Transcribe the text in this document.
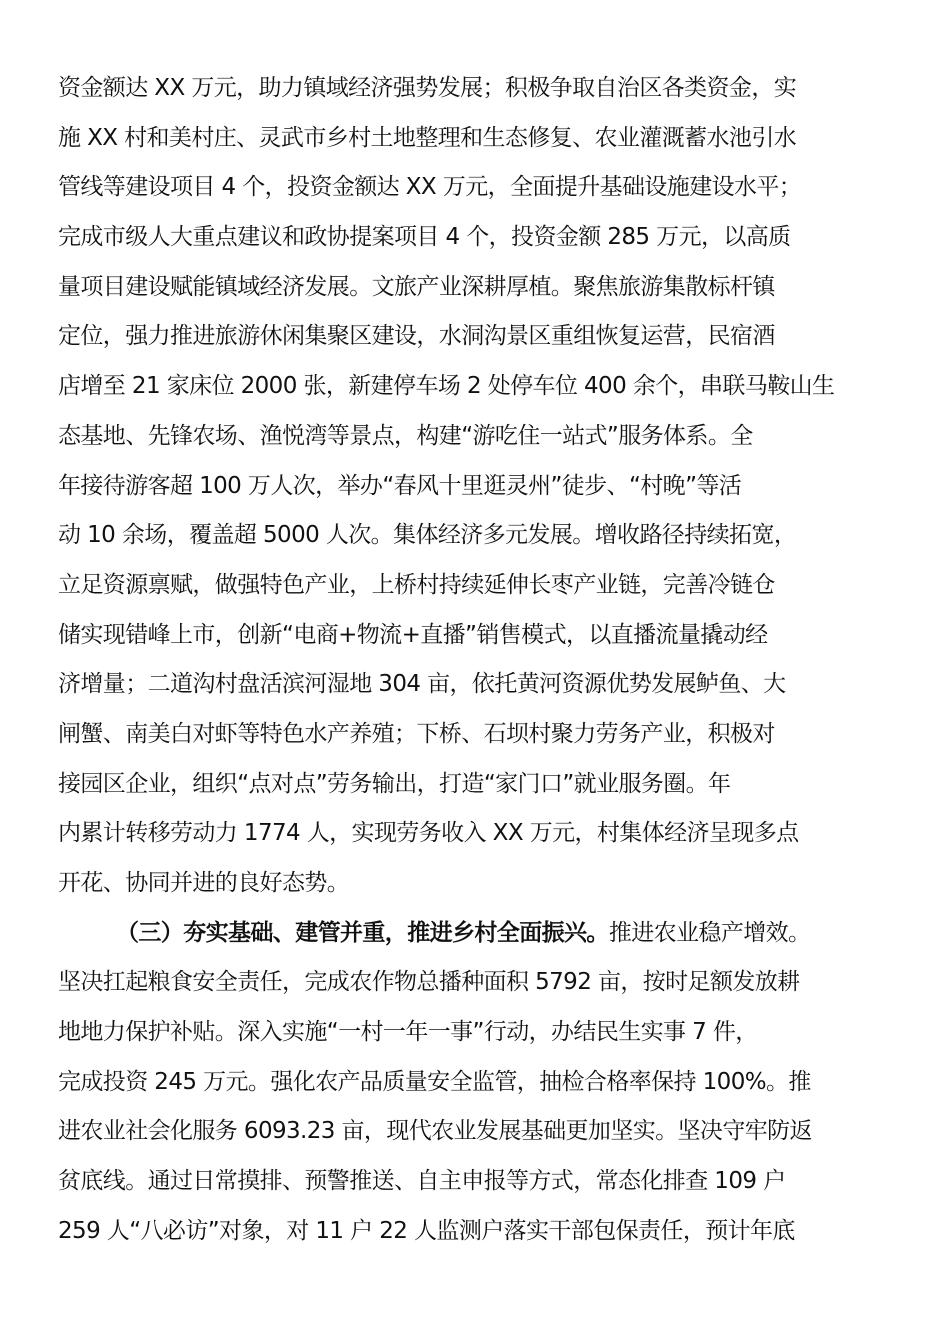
资金额达 XX 万元，助力镇域经济强势发展；积极争取自治区各类资金，实
施 XX 村和美村庄、灵武市乡村土地整理和生态修复、农业灌溉蓄水池引水
管线等建设项目 4 个，投资金额达 XX 万元，全面提升基础设施建设水平；
完成市级人大重点建议和政协提案项目 4 个，投资金额 285 万元，以高质
量项目建设赋能镇域经济发展。文旅产业深耕厚植。聚焦旅游集散标杆镇
定位，强力推进旅游休闲集聚区建设，水洞沟景区重组恢复运营，民宿酒
店增至 21 家床位 2000 张，新建停车场 2 处停车位 400 余个，串联马鞍山生
态基地、先锋农场、渔悦湾等景点，构建“游吃住一站式”服务体系。全
年接待游客超 100 万人次，举办“春风十里逛灵州”徒步、“村晚”等活
动 10 余场，覆盖超 5000 人次。集体经济多元发展。增收路径持续拓宽，
立足资源禀赋，做强特色产业，上桥村持续延伸长枣产业链，完善冷链仓
储实现错峰上市，创新“电商+物流+直播”销售模式，以直播流量撬动经
济增量；二道沟村盘活滨河湿地 304 亩，依托黄河资源优势发展鲈鱼、大
闸蟹、南美白对虾等特色水产养殖；下桥、石坝村聚力劳务产业，积极对
接园区企业，组织“点对点”劳务输出，打造“家门口”就业服务圈。年
内累计转移劳动力 1774 人，实现劳务收入 XX 万元，村集体经济呈现多点
开花、协同并进的良好态势。
（三）夯实基础、建管并重，推进乡村全面振兴。推进农业稳产增效。
坚决扛起粮食安全责任，完成农作物总播种面积 5792 亩，按时足额发放耕
地地力保护补贴。深入实施“一村一年一事”行动，办结民生实事 7 件，
完成投资 245 万元。强化农产品质量安全监管，抽检合格率保持 100%。推
进农业社会化服务 6093.23 亩，现代农业发展基础更加坚实。坚决守牢防返
贫底线。通过日常摸排、预警推送、自主申报等方式，常态化排查 109 户
259 人“八必访”对象，对 11 户 22 人监测户落实干部包保责任，预计年底
